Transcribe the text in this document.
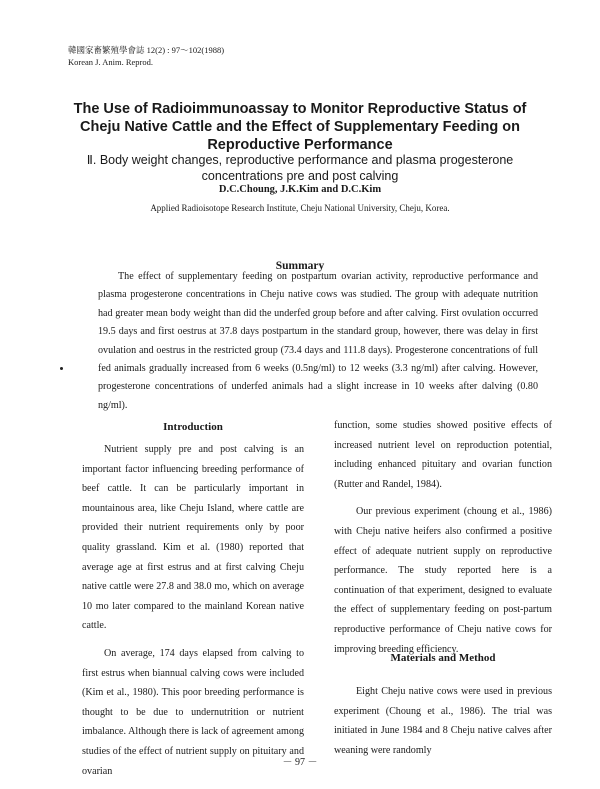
韓國家畜繁殖學會誌 12(2) : 97～102(1988)
Korean J. Anim. Reprod.
The Use of Radioimmunoassay to Monitor Reproductive Status of Cheju Native Cattle and the Effect of Supplementary Feeding on Reproductive Performance
Ⅱ. Body weight changes, reproductive performance and plasma progesterone concentrations pre and post calving
D.C.Choung, J.K.Kim and D.C.Kim
Applied Radioisotope Research Institute, Cheju National University, Cheju, Korea.
Summary

The effect of supplementary feeding on postpartum ovarian activity, reproductive performance and plasma progesterone concentrations in Cheju native cows was studied. The group with adequate nutrition had greater mean body weight than did the underfed group before and after calving. First ovulation occurred 19.5 days and first oestrus at 37.8 days postpartum in the standard group, however, there was delay in first ovulation and oestrus in the restricted group (73.4 days and 111.8 days). Progesterone concentrations of full fed animals gradually increased from 6 weeks (0.5ng/ml) to 12 weeks (3.3 ng/ml) after calving. However, progesterone concentrations of underfed animals had a slight increase in 10 weeks after dalving (0.80 ng/ml).

Introduction

Nutrient supply pre and post calving is an important factor influencing breeding performance of beef cattle. It can be particularly important in mountainous area, like Cheju Island, where cattle are provided their nutrient requirements only by poor quality grassland. Kim et al. (1980) reported that average age at first estrus and at first calving Cheju native cattle were 27.8 and 38.0 mo, which on average 10 mo later compared to the mainland Korean native cattle.

On average, 174 days elapsed from calving to first estrus when biannual calving cows were included (Kim et al., 1980). This poor breeding performance is thought to be due to undernutrition or nutrient imbalance. Although there is lack of agreement among studies of the effect of nutrient supply on pituitary and ovarian

function, some studies showed positive effects of increased nutrient level on reproduction potential, including enhanced pituitary and ovarian function (Rutter and Randel, 1984).

Our previous experiment (choung et al., 1986) with Cheju native heifers also confirmed a positive effect of adequate nutrient supply on reproductive performance. The study reported here is a continuation of that experiment, designed to evaluate the effect of supplementary feeding on post-partum reproductive performance of Cheju native cows for improving breeding efficiency.

Materials and Method

Eight Cheju native cows were used in previous experiment (Choung et al., 1986). The trial was initiated in June 1984 and 8 Cheju native calves after weaning were randomly

－ 97 －
